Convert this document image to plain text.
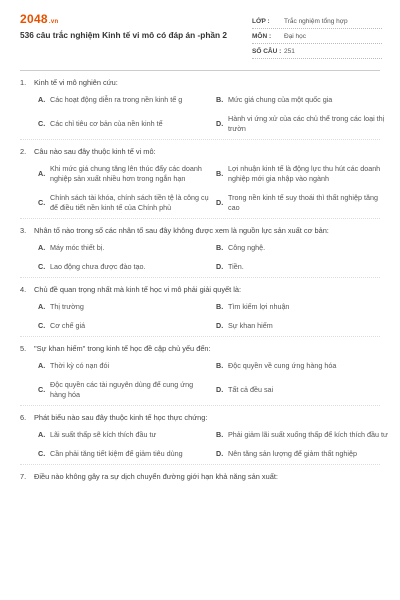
2048.vn
536 câu trắc nghiệm Kinh tế vi mô có đáp án -phần 2
LỚP :	Trắc nghiệm tổng hợp
MÔN :	Đại học
SỐ CÂU : 251
1.	Kinh tế vi mô nghiên cứu:
A. Các hoạt động diễn ra trong nền kinh tế g	B. Mức giá chung của một quốc gia
C. Các chỉ tiêu cơ bản của nền kinh tế	D.
Hành vi ứng xử của các chủ thể trong các loại thị trườn
2.	Câu nào sau đây thuộc kinh tế vi mô:
A.
Khi mức giá chung tăng lên thúc đẩy các doanh nghiệp sản xuất nhiều hơn trong ngắn hạn
B.
Lợi nhuận kinh tế là động lực thu hút các doanh nghiệp mới gia nhập vào ngành
C.
Chính sách tài khóa, chính sách tiền tệ là công cụ để điều tiết nền kinh tế của Chính phủ
D.
Trong nền kinh tế suy thoái thì thất nghiệp tăng cao
3.	Nhân tố nào trong số các nhân tố sau đây không được xem là nguồn lực sản xuất cơ bản:
A. Máy móc thiết bị.	B. Công nghệ.
C. Lao động chưa được đào tạo.	D. Tiền.
4.	Chủ đề quan trọng nhất mà kinh tế học vi mô phải giải quyết là:
A. Thị trường	B. Tìm kiếm lợi nhuận
C. Cơ chế giá	D. Sự khan hiếm
5.	"Sự khan hiếm" trong kinh tế học đề cập chủ yếu đến:
A. Thời kỳ có nạn đói	B. Độc quyền về cung ứng hàng hóa
C.
Độc quyền các tài nguyên dùng để cung ứng hàng hóa
D. Tất cả đều sai
6.	Phát biểu nào sau đây thuộc kinh tế học thực chứng:
A. Lãi suất thấp sẽ kích thích đầu tư	B. Phải giảm lãi suất xuống thấp để kích thích đầu tư
C. Cần phải tăng tiết kiệm để giảm tiêu dùng	D. Nên tăng sản lượng để giảm thất nghiệp
7.	Điều nào không gây ra sự dịch chuyển đường giới hạn khả năng sản xuất:
